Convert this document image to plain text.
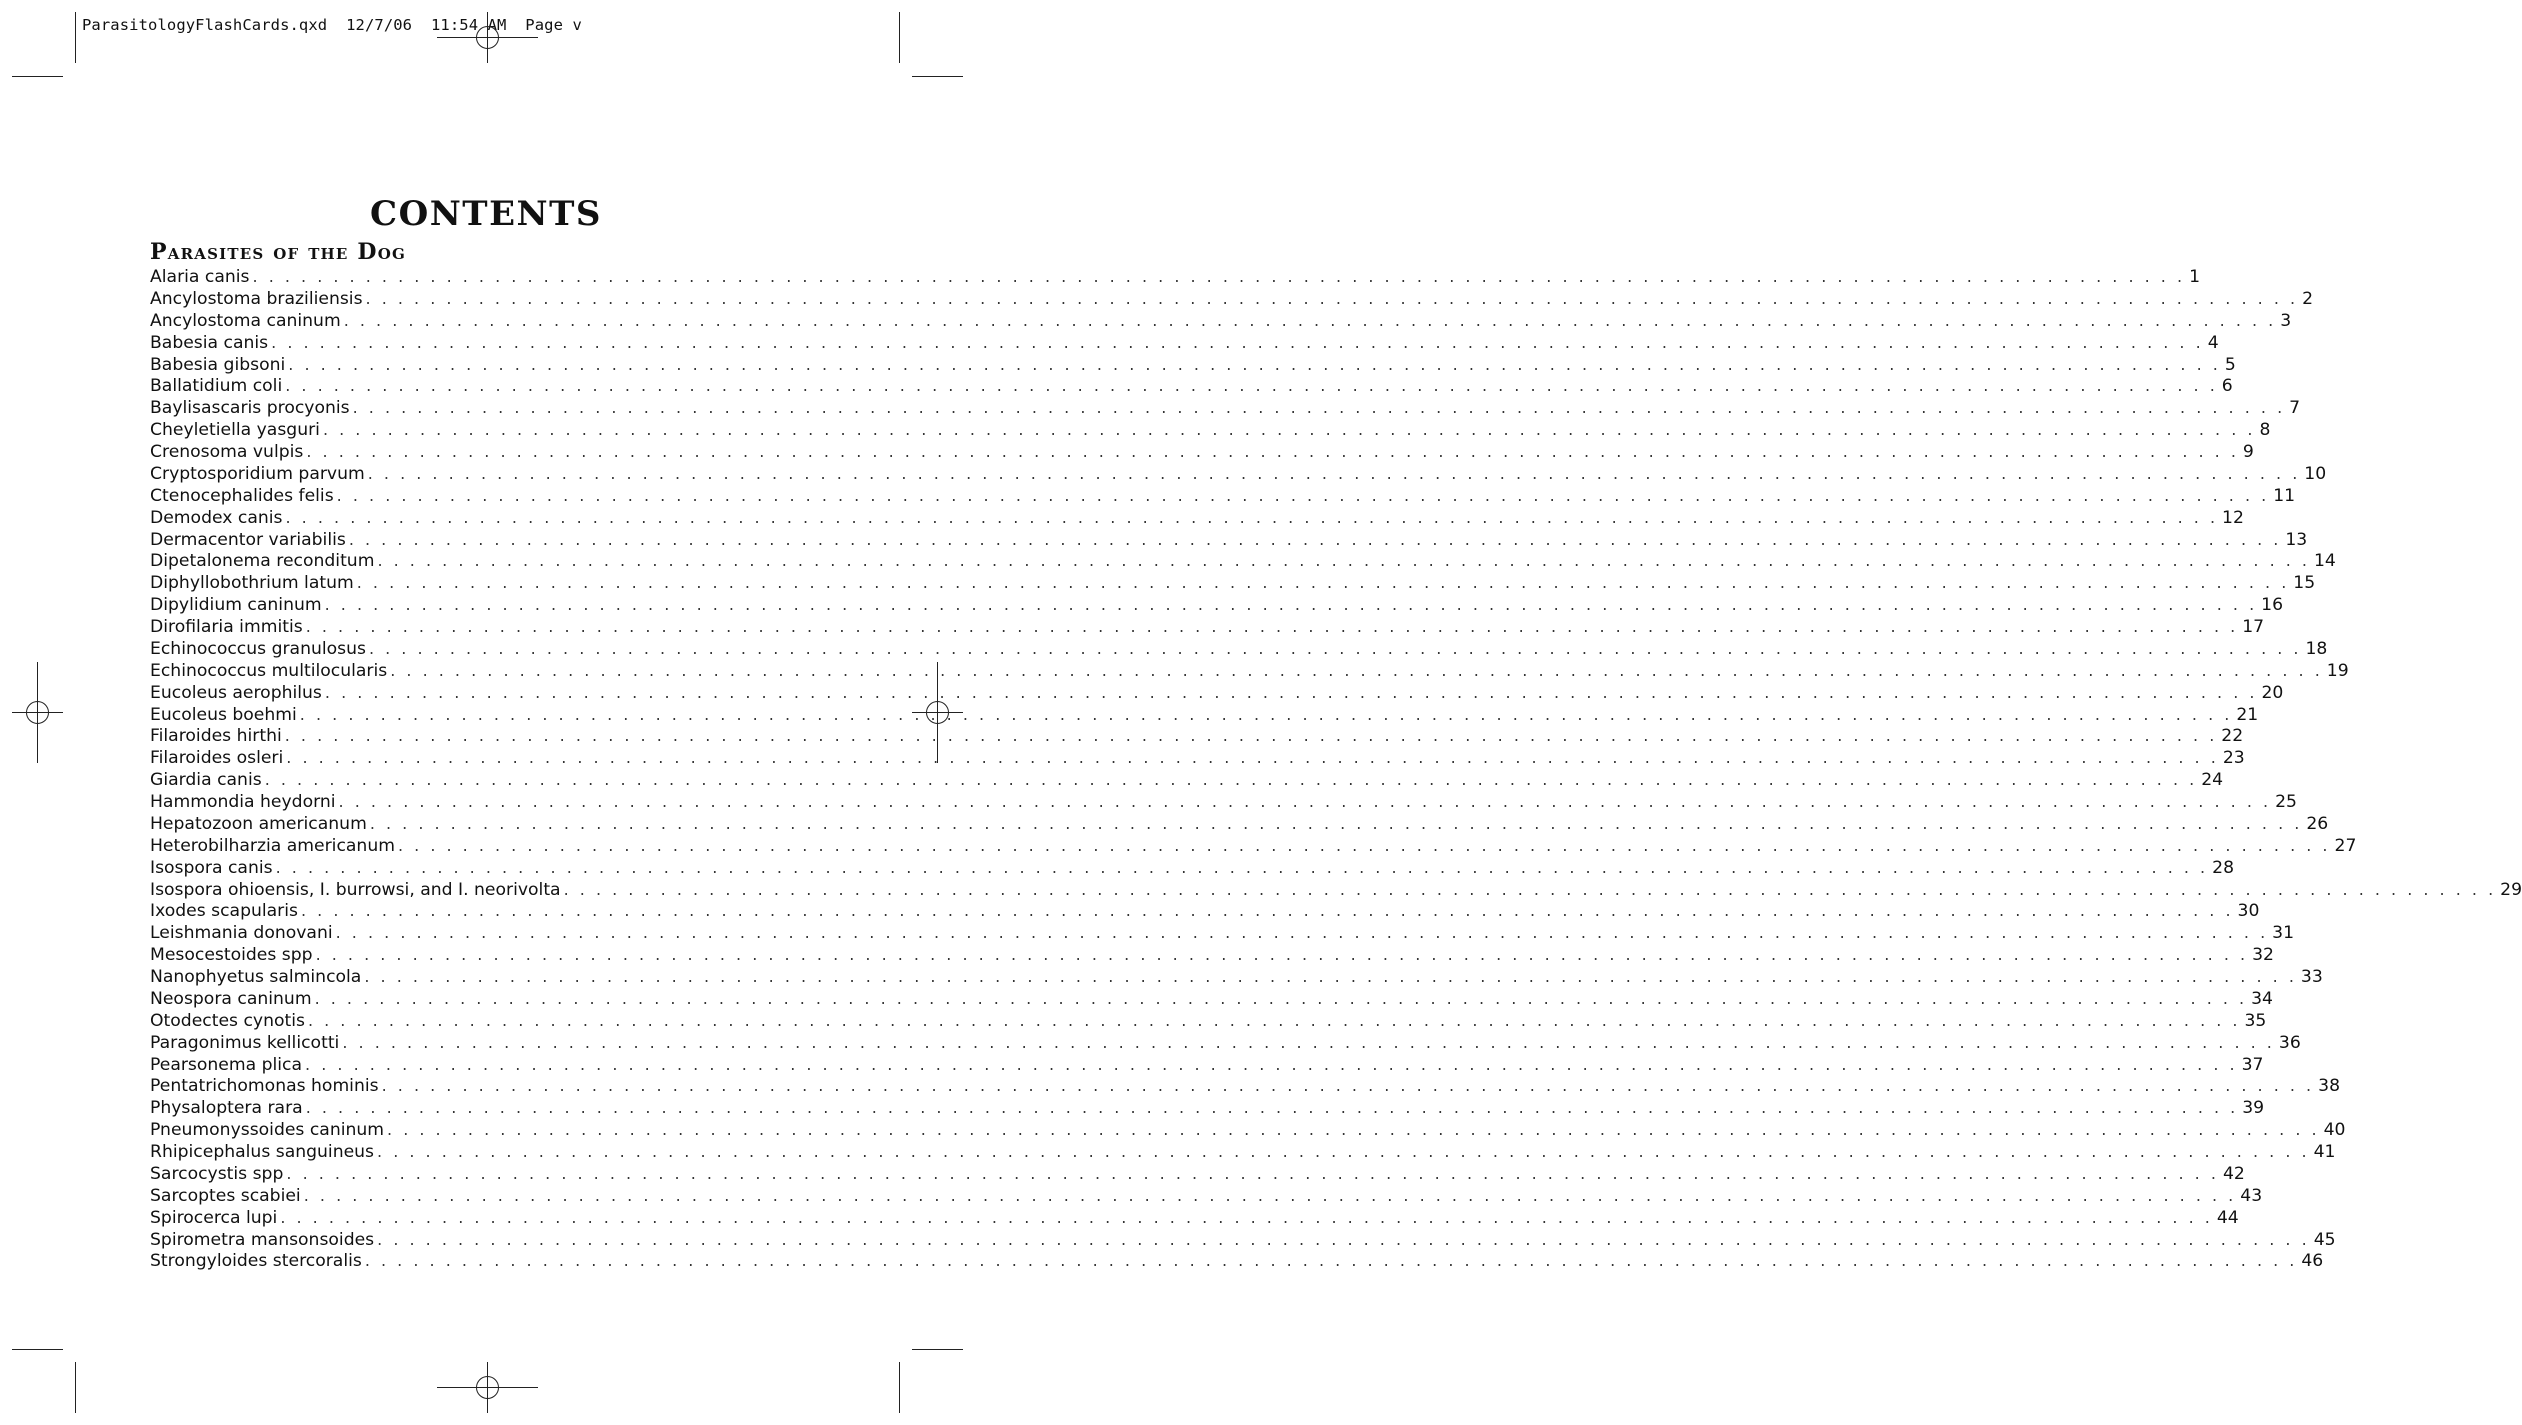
ParasitologyFlashCards.qxd  12/7/06  11:54 AM  Page v
CONTENTS
Parasites of the Dog
Alaria canis . . . . . . . . . . . . . . . . . . . . . . . . . . . . . . . . . . . . . . . . . . . . . . . . . . . . . . . . . . . . . . . . . . . . . . . . . . . . . . . . . . . . . . . . . . . . . . . . . . . . . . . . . . . . . . . . . . . . . . . . 1
Ancylostoma braziliensis . . . . . . . . . . . . . . . . . . . . . . . . . . . . . . . . . . . . . . . . . . . . . . . . . . . . . . . . . . . . . . . . . . . . . . . . . . . . . . . . . . . . . . . . . . . . . . . . . . . . . . . . . . . . . . . . . . . . . . . . 2
Ancylostoma caninum . . . . . . . . . . . . . . . . . . . . . . . . . . . . . . . . . . . . . . . . . . . . . . . . . . . . . . . . . . . . . . . . . . . . . . . . . . . . . . . . . . . . . . . . . . . . . . . . . . . . . . . . . . . . . . . . . . . . . . . . 3
Babesia canis . . . . . . . . . . . . . . . . . . . . . . . . . . . . . . . . . . . . . . . . . . . . . . . . . . . . . . . . . . . . . . . . . . . . . . . . . . . . . . . . . . . . . . . . . . . . . . . . . . . . . . . . . . . . . . . . . . . . . . . . 4
Babesia gibsoni . . . . . . . . . . . . . . . . . . . . . . . . . . . . . . . . . . . . . . . . . . . . . . . . . . . . . . . . . . . . . . . . . . . . . . . . . . . . . . . . . . . . . . . . . . . . . . . . . . . . . . . . . . . . . . . . . . . . . . . . 5
Ballatidium coli . . . . . . . . . . . . . . . . . . . . . . . . . . . . . . . . . . . . . . . . . . . . . . . . . . . . . . . . . . . . . . . . . . . . . . . . . . . . . . . . . . . . . . . . . . . . . . . . . . . . . . . . . . . . . . . . . . . . . . . . 6
Baylisascaris procyonis . . . . . . . . . . . . . . . . . . . . . . . . . . . . . . . . . . . . . . . . . . . . . . . . . . . . . . . . . . . . . . . . . . . . . . . . . . . . . . . . . . . . . . . . . . . . . . . . . . . . . . . . . . . . . . . . . . . . . . . . 7
Cheyletiella yasguri . . . . . . . . . . . . . . . . . . . . . . . . . . . . . . . . . . . . . . . . . . . . . . . . . . . . . . . . . . . . . . . . . . . . . . . . . . . . . . . . . . . . . . . . . . . . . . . . . . . . . . . . . . . . . . . . . . . . . . . . 8
Crenosoma vulpis . . . . . . . . . . . . . . . . . . . . . . . . . . . . . . . . . . . . . . . . . . . . . . . . . . . . . . . . . . . . . . . . . . . . . . . . . . . . . . . . . . . . . . . . . . . . . . . . . . . . . . . . . . . . . . . . . . . . . . . . 9
Cryptosporidium parvum . . . . . . . . . . . . . . . . . . . . . . . . . . . . . . . . . . . . . . . . . . . . . . . . . . . . . . . . . . . . . . . . . . . . . . . . . . . . . . . . . . . . . . . . . . . . . . . . . . . . . . . . . . . . . . . . . . . . . . . . 10
Ctenocephalides felis . . . . . . . . . . . . . . . . . . . . . . . . . . . . . . . . . . . . . . . . . . . . . . . . . . . . . . . . . . . . . . . . . . . . . . . . . . . . . . . . . . . . . . . . . . . . . . . . . . . . . . . . . . . . . . . . . . . . . . . . 11
Demodex canis . . . . . . . . . . . . . . . . . . . . . . . . . . . . . . . . . . . . . . . . . . . . . . . . . . . . . . . . . . . . . . . . . . . . . . . . . . . . . . . . . . . . . . . . . . . . . . . . . . . . . . . . . . . . . . . . . . . . . . . . 12
Dermacentor variabilis . . . . . . . . . . . . . . . . . . . . . . . . . . . . . . . . . . . . . . . . . . . . . . . . . . . . . . . . . . . . . . . . . . . . . . . . . . . . . . . . . . . . . . . . . . . . . . . . . . . . . . . . . . . . . . . . . . . . . . . . 13
Dipetalonema reconditum . . . . . . . . . . . . . . . . . . . . . . . . . . . . . . . . . . . . . . . . . . . . . . . . . . . . . . . . . . . . . . . . . . . . . . . . . . . . . . . . . . . . . . . . . . . . . . . . . . . . . . . . . . . . . . . . . . . . . . . . 14
Diphyllobothrium latum . . . . . . . . . . . . . . . . . . . . . . . . . . . . . . . . . . . . . . . . . . . . . . . . . . . . . . . . . . . . . . . . . . . . . . . . . . . . . . . . . . . . . . . . . . . . . . . . . . . . . . . . . . . . . . . . . . . . . . . . 15
Dipylidium caninum . . . . . . . . . . . . . . . . . . . . . . . . . . . . . . . . . . . . . . . . . . . . . . . . . . . . . . . . . . . . . . . . . . . . . . . . . . . . . . . . . . . . . . . . . . . . . . . . . . . . . . . . . . . . . . . . . . . . . . . . 16
Dirofilaria immitis . . . . . . . . . . . . . . . . . . . . . . . . . . . . . . . . . . . . . . . . . . . . . . . . . . . . . . . . . . . . . . . . . . . . . . . . . . . . . . . . . . . . . . . . . . . . . . . . . . . . . . . . . . . . . . . . . . . . . . . . 17
Echinococcus granulosus . . . . . . . . . . . . . . . . . . . . . . . . . . . . . . . . . . . . . . . . . . . . . . . . . . . . . . . . . . . . . . . . . . . . . . . . . . . . . . . . . . . . . . . . . . . . . . . . . . . . . . . . . . . . . . . . . . . . . . . . 18
Echinococcus multilocularis . . . . . . . . . . . . . . . . . . . . . . . . . . . . . . . . . . . . . . . . . . . . . . . . . . . . . . . . . . . . . . . . . . . . . . . . . . . . . . . . . . . . . . . . . . . . . . . . . . . . . . . . . . . . . . . . . . . . . . . . 19
Eucoleus aerophilus . . . . . . . . . . . . . . . . . . . . . . . . . . . . . . . . . . . . . . . . . . . . . . . . . . . . . . . . . . . . . . . . . . . . . . . . . . . . . . . . . . . . . . . . . . . . . . . . . . . . . . . . . . . . . . . . . . . . . . . . 20
Eucoleus boehmi . . . . . . . . . . . . . . . . . . . . . . . . . . . . . . . . . . . . . . . . . . . . . . . . . . . . . . . . . . . . . . . . . . . . . . . . . . . . . . . . . . . . . . . . . . . . . . . . . . . . . . . . . . . . . . . . . . . . . . . . 21
Filaroides hirthi . . . . . . . . . . . . . . . . . . . . . . . . . . . . . . . . . . . . . . . . . . . . . . . . . . . . . . . . . . . . . . . . . . . . . . . . . . . . . . . . . . . . . . . . . . . . . . . . . . . . . . . . . . . . . . . . . . . . . . . . 22
Filaroides osleri . . . . . . . . . . . . . . . . . . . . . . . . . . . . . . . . . . . . . . . . . . . . . . . . . . . . . . . . . . . . . . . . . . . . . . . . . . . . . . . . . . . . . . . . . . . . . . . . . . . . . . . . . . . . . . . . . . . . . . . . 23
Giardia canis . . . . . . . . . . . . . . . . . . . . . . . . . . . . . . . . . . . . . . . . . . . . . . . . . . . . . . . . . . . . . . . . . . . . . . . . . . . . . . . . . . . . . . . . . . . . . . . . . . . . . . . . . . . . . . . . . . . . . . . . 24
Hammondia heydorni . . . . . . . . . . . . . . . . . . . . . . . . . . . . . . . . . . . . . . . . . . . . . . . . . . . . . . . . . . . . . . . . . . . . . . . . . . . . . . . . . . . . . . . . . . . . . . . . . . . . . . . . . . . . . . . . . . . . . . . . 25
Hepatozoon americanum . . . . . . . . . . . . . . . . . . . . . . . . . . . . . . . . . . . . . . . . . . . . . . . . . . . . . . . . . . . . . . . . . . . . . . . . . . . . . . . . . . . . . . . . . . . . . . . . . . . . . . . . . . . . . . . . . . . . . . . . 26
Heterobilharzia americanum . . . . . . . . . . . . . . . . . . . . . . . . . . . . . . . . . . . . . . . . . . . . . . . . . . . . . . . . . . . . . . . . . . . . . . . . . . . . . . . . . . . . . . . . . . . . . . . . . . . . . . . . . . . . . . . . . . . . . . . . 27
Isospora canis . . . . . . . . . . . . . . . . . . . . . . . . . . . . . . . . . . . . . . . . . . . . . . . . . . . . . . . . . . . . . . . . . . . . . . . . . . . . . . . . . . . . . . . . . . . . . . . . . . . . . . . . . . . . . . . . . . . . . . . . 28
Isospora ohioensis, I. burrowsi, and I. neorivolta . . . . . . . . . . . . . . . . . . . . . . . . . . . . . . . . . . . . . . . . . . . . . . . . . . . . . . . . . . . . . . . . . . . . . . . . . . . . . . . . . . . . . . . . . . . . . . . . . . . . . . . . . . . . . . . . . . . . . . . . 29
Ixodes scapularis . . . . . . . . . . . . . . . . . . . . . . . . . . . . . . . . . . . . . . . . . . . . . . . . . . . . . . . . . . . . . . . . . . . . . . . . . . . . . . . . . . . . . . . . . . . . . . . . . . . . . . . . . . . . . . . . . . . . . . . . 30
Leishmania donovani . . . . . . . . . . . . . . . . . . . . . . . . . . . . . . . . . . . . . . . . . . . . . . . . . . . . . . . . . . . . . . . . . . . . . . . . . . . . . . . . . . . . . . . . . . . . . . . . . . . . . . . . . . . . . . . . . . . . . . . . 31
Mesocestoides spp . . . . . . . . . . . . . . . . . . . . . . . . . . . . . . . . . . . . . . . . . . . . . . . . . . . . . . . . . . . . . . . . . . . . . . . . . . . . . . . . . . . . . . . . . . . . . . . . . . . . . . . . . . . . . . . . . . . . . . . . 32
Nanophyetus salmincola . . . . . . . . . . . . . . . . . . . . . . . . . . . . . . . . . . . . . . . . . . . . . . . . . . . . . . . . . . . . . . . . . . . . . . . . . . . . . . . . . . . . . . . . . . . . . . . . . . . . . . . . . . . . . . . . . . . . . . . . 33
Neospora caninum . . . . . . . . . . . . . . . . . . . . . . . . . . . . . . . . . . . . . . . . . . . . . . . . . . . . . . . . . . . . . . . . . . . . . . . . . . . . . . . . . . . . . . . . . . . . . . . . . . . . . . . . . . . . . . . . . . . . . . . . 34
Otodectes cynotis . . . . . . . . . . . . . . . . . . . . . . . . . . . . . . . . . . . . . . . . . . . . . . . . . . . . . . . . . . . . . . . . . . . . . . . . . . . . . . . . . . . . . . . . . . . . . . . . . . . . . . . . . . . . . . . . . . . . . . . . 35
Paragonimus kellicotti . . . . . . . . . . . . . . . . . . . . . . . . . . . . . . . . . . . . . . . . . . . . . . . . . . . . . . . . . . . . . . . . . . . . . . . . . . . . . . . . . . . . . . . . . . . . . . . . . . . . . . . . . . . . . . . . . . . . . . . . 36
Pearsonema plica . . . . . . . . . . . . . . . . . . . . . . . . . . . . . . . . . . . . . . . . . . . . . . . . . . . . . . . . . . . . . . . . . . . . . . . . . . . . . . . . . . . . . . . . . . . . . . . . . . . . . . . . . . . . . . . . . . . . . . . . 37
Pentatrichomonas hominis . . . . . . . . . . . . . . . . . . . . . . . . . . . . . . . . . . . . . . . . . . . . . . . . . . . . . . . . . . . . . . . . . . . . . . . . . . . . . . . . . . . . . . . . . . . . . . . . . . . . . . . . . . . . . . . . . . . . . . . . 38
Physaloptera rara . . . . . . . . . . . . . . . . . . . . . . . . . . . . . . . . . . . . . . . . . . . . . . . . . . . . . . . . . . . . . . . . . . . . . . . . . . . . . . . . . . . . . . . . . . . . . . . . . . . . . . . . . . . . . . . . . . . . . . . . 39
Pneumonyssoides caninum . . . . . . . . . . . . . . . . . . . . . . . . . . . . . . . . . . . . . . . . . . . . . . . . . . . . . . . . . . . . . . . . . . . . . . . . . . . . . . . . . . . . . . . . . . . . . . . . . . . . . . . . . . . . . . . . . . . . . . . . 40
Rhipicephalus sanguineus . . . . . . . . . . . . . . . . . . . . . . . . . . . . . . . . . . . . . . . . . . . . . . . . . . . . . . . . . . . . . . . . . . . . . . . . . . . . . . . . . . . . . . . . . . . . . . . . . . . . . . . . . . . . . . . . . . . . . . . . 41
Sarcocystis spp . . . . . . . . . . . . . . . . . . . . . . . . . . . . . . . . . . . . . . . . . . . . . . . . . . . . . . . . . . . . . . . . . . . . . . . . . . . . . . . . . . . . . . . . . . . . . . . . . . . . . . . . . . . . . . . . . . . . . . . . 42
Sarcoptes scabiei . . . . . . . . . . . . . . . . . . . . . . . . . . . . . . . . . . . . . . . . . . . . . . . . . . . . . . . . . . . . . . . . . . . . . . . . . . . . . . . . . . . . . . . . . . . . . . . . . . . . . . . . . . . . . . . . . . . . . . . . 43
Spirocerca lupi . . . . . . . . . . . . . . . . . . . . . . . . . . . . . . . . . . . . . . . . . . . . . . . . . . . . . . . . . . . . . . . . . . . . . . . . . . . . . . . . . . . . . . . . . . . . . . . . . . . . . . . . . . . . . . . . . . . . . . . . 44
Spirometra mansonsoides . . . . . . . . . . . . . . . . . . . . . . . . . . . . . . . . . . . . . . . . . . . . . . . . . . . . . . . . . . . . . . . . . . . . . . . . . . . . . . . . . . . . . . . . . . . . . . . . . . . . . . . . . . . . . . . . . . . . . . . . 45
Strongyloides stercoralis . . . . . . . . . . . . . . . . . . . . . . . . . . . . . . . . . . . . . . . . . . . . . . . . . . . . . . . . . . . . . . . . . . . . . . . . . . . . . . . . . . . . . . . . . . . . . . . . . . . . . . . . . . . . . . . . . . . . . . . . 46
